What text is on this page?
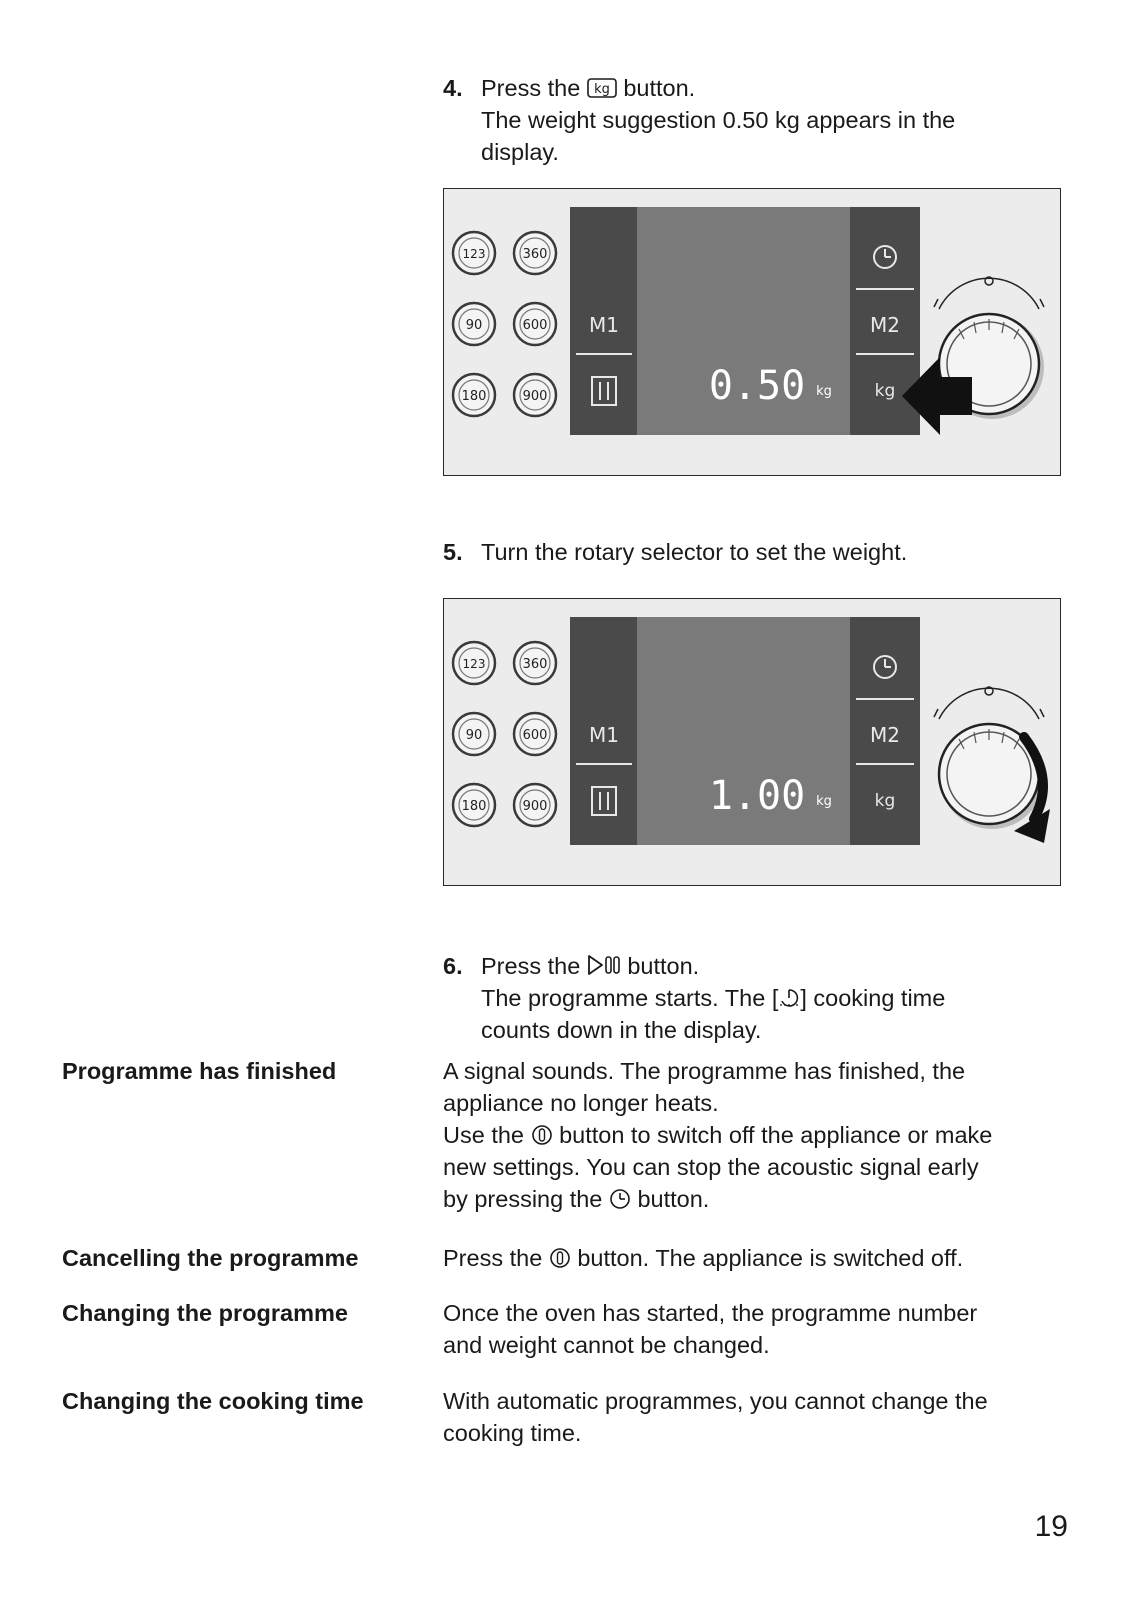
4. Press the kg button.
The weight suggestion 0.50 kg appears in the
display.
123	360
90	600
180	900
M1
0.50 kg
M2
kg
5. Turn the rotary selector to set the weight.
123	360
90	600
180	900
M1
1.00 kg
M2
kg
6. Press the button.
The programme starts. The [ ] cooking time
counts down in the display.
Programme has finished	A signal sounds. The programme has finished, the
appliance no longer heats.
Use the button to switch off the appliance or make
new settings. You can stop the acoustic signal early
by pressing the button.
Cancelling the programme	Press the button. The appliance is switched off.
Changing the programme	Once the oven has started, the programme number
and weight cannot be changed.
Changing the cooking time	With automatic programmes, you cannot change the
cooking time.
19
